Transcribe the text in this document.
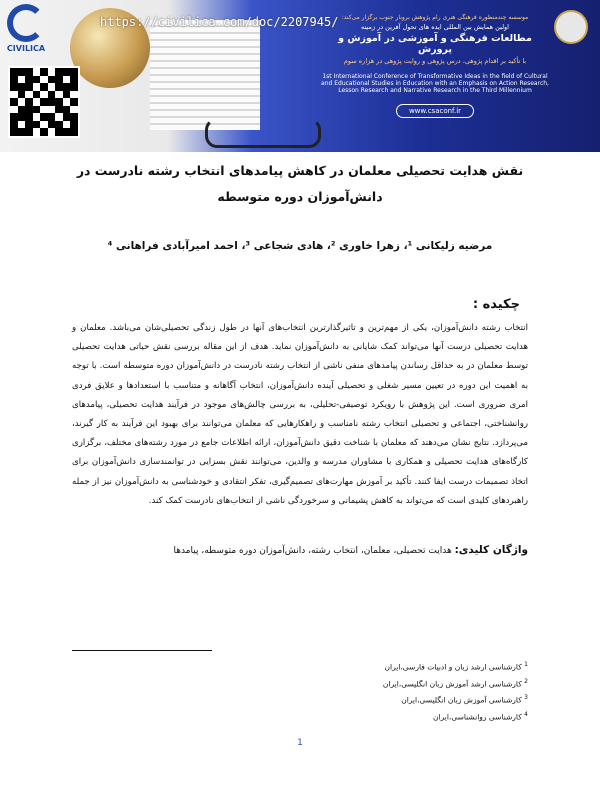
CIVILICA
https://civilica.com/doc/2207945/ موسسه چندمنظوره فرهنگی هنری رام پژوهش بروبار جنوب برگزار می‌کند:
اولین همایش بین المللی ایده های تحول آفرین در زمینه
مطالعات فرهنگی و آموزشی در آموزش و پرورش
با تأکید بر اقدام پژوهی، درس پژوهی و روایت پژوهی در هزاره سوم
1st International Conference of Transformative Ideas in the field of Cultural and Educational Studies in Education with an Emphasis on Action Research, Lesson Research and Narrative Research in the Third Millennium
www.csaconf.ir
نقش هدایت تحصیلی معلمان در کاهش پیامدهای انتخاب رشته نادرست در دانش‌آموزان دوره متوسطه
مرضیه زلیکانی ¹، زهرا خاوری ²، هادی شجاعی ³، احمد امیرآبادی فراهانی ⁴
چکیده :
انتخاب رشته دانش‌آموزان، یکی از مهم‌ترین و تاثیرگذارترین انتخاب‌های آنها در طول زندگی تحصیلی‌شان می‌باشد. معلمان و هدایت تحصیلی درست آنها می‌تواند کمک شایانی به دانش‌آموزان نماید. هدف از این مقاله بررسی نقش حیاتی هدایت تحصیلی توسط معلمان در به حداقل رساندن پیامدهای منفی ناشی از انتخاب رشته نادرست در دانش‌آموزان دوره متوسطه است. با توجه به اهمیت این دوره در تعیین مسیر شغلی و تحصیلی آینده دانش‌آموزان، انتخاب آگاهانه و متناسب با استعدادها و علایق فردی امری ضروری است. این پژوهش با رویکرد توصیفی-تحلیلی، به بررسی چالش‌های موجود در فرآیند هدایت تحصیلی، پیامدهای روانشناختی، اجتماعی و تحصیلی انتخاب رشته نامناسب و راهکارهایی که معلمان می‌توانند برای بهبود این فرآیند به کار گیرند، می‌پردازد. نتایج نشان می‌دهند که معلمان با شناخت دقیق دانش‌آموزان، ارائه اطلاعات جامع در مورد رشته‌های مختلف، برگزاری کارگاه‌های هدایت تحصیلی و همکاری با مشاوران مدرسه و والدین، می‌توانند نقش بسزایی در توانمندسازی دانش‌آموزان برای اتخاذ تصمیمات درست ایفا کنند. تأکید بر آموزش مهارت‌های تصمیم‌گیری، تفکر انتقادی و خودشناسی به دانش‌آموزان نیز از جمله راهبردهای کلیدی است که می‌تواند به کاهش پشیمانی و سرخوردگی ناشی از انتخاب‌های نادرست کمک کند.
واژگان کلیدی: هدایت تحصیلی، معلمان، انتخاب رشته، دانش‌آموزان دوره متوسطه، پیامدها
$^1$ کارشناسی ارشد زبان و ادبیات فارسی،ایران
$^2$ کارشناسی ارشد آموزش زبان انگلیسی،ایران
$^3$ کارشناسی آموزش زبان انگلیسی،ایران
$^4$ کارشناسی روانشناسی،ایران
1
